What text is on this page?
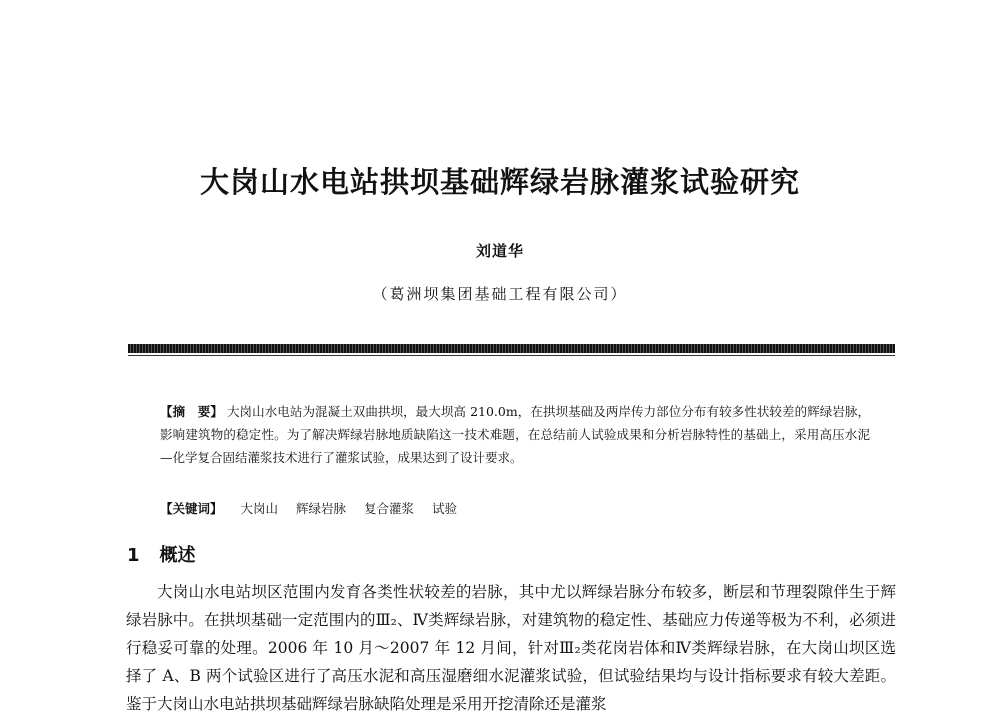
大岗山水电站拱坝基础辉绿岩脉灌浆试验研究
刘道华
（葛洲坝集团基础工程有限公司）
【摘　要】 大岗山水电站为混凝土双曲拱坝，最大坝高 210.0m，在拱坝基础及两岸传力部位分布有较多性状较差的辉绿岩脉，影响建筑物的稳定性。为了解决辉绿岩脉地质缺陷这一技术难题，在总结前人试验成果和分析岩脉特性的基础上，采用高压水泥—化学复合固结灌浆技术进行了灌浆试验，成果达到了设计要求。
【关键词】 大岗山 辉绿岩脉 复合灌浆 试验
1 概述
大岗山水电站坝区范围内发育各类性状较差的岩脉，其中尤以辉绿岩脉分布较多，断层和节理裂隙伴生于辉绿岩脉中。在拱坝基础一定范围内的Ⅲ₂、Ⅳ类辉绿岩脉，对建筑物的稳定性、基础应力传递等极为不利，必须进行稳妥可靠的处理。2006 年 10 月～2007 年 12 月间，针对Ⅲ₂类花岗岩体和Ⅳ类辉绿岩脉，在大岗山坝区选择了 A、B 两个试验区进行了高压水泥和高压湿磨细水泥灌浆试验，但试验结果均与设计指标要求有较大差距。鉴于大岗山水电站拱坝基础辉绿岩脉缺陷处理是采用开挖清除还是灌浆
